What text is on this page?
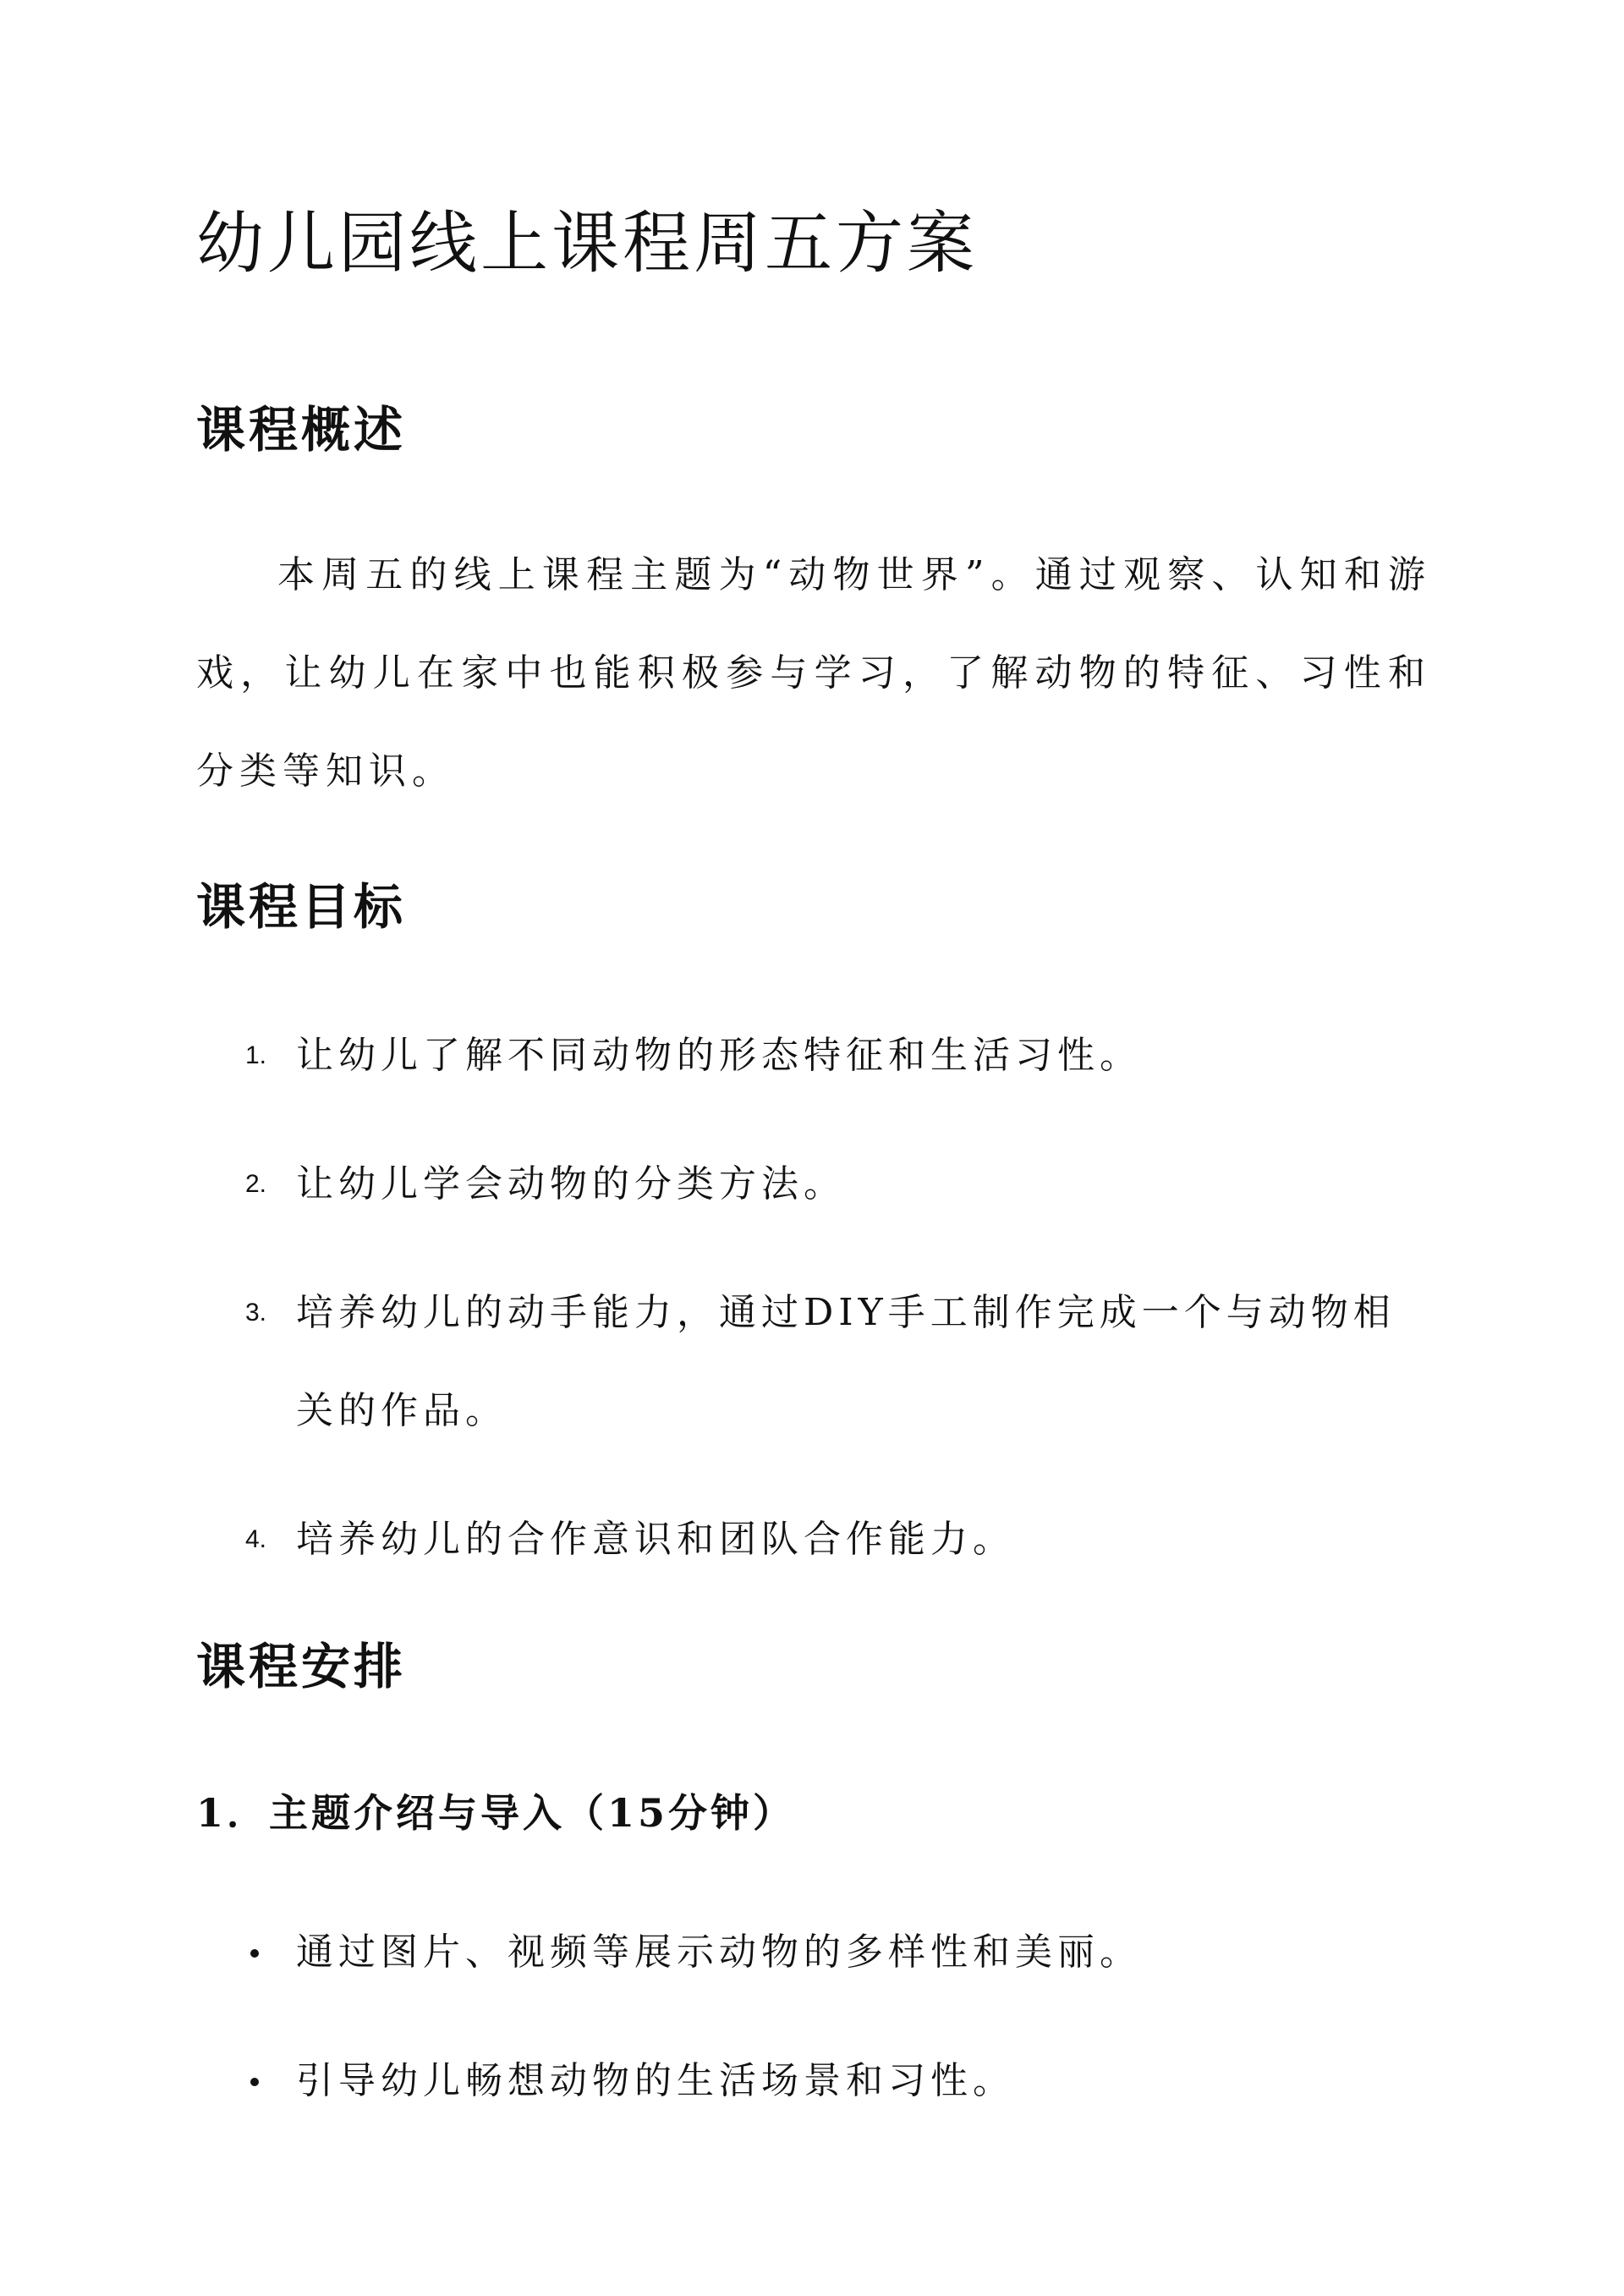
幼儿园线上课程周五方案
课程概述

本周五的线上课程主题为“动物世界”。通过观察、认知和游戏，让幼儿在家中也能积极参与学习，了解动物的特征、习性和分类等知识。

课程目标
1. 让幼儿了解不同动物的形态特征和生活习性。
2. 让幼儿学会动物的分类方法。
3. 培养幼儿的动手能力，通过DIY手工制作完成一个与动物相关的作品。
4. 培养幼儿的合作意识和团队合作能力。
课程安排
1．主题介绍与导入（15分钟）
通过图片、视频等展示动物的多样性和美丽。
引导幼儿畅想动物的生活场景和习性。
